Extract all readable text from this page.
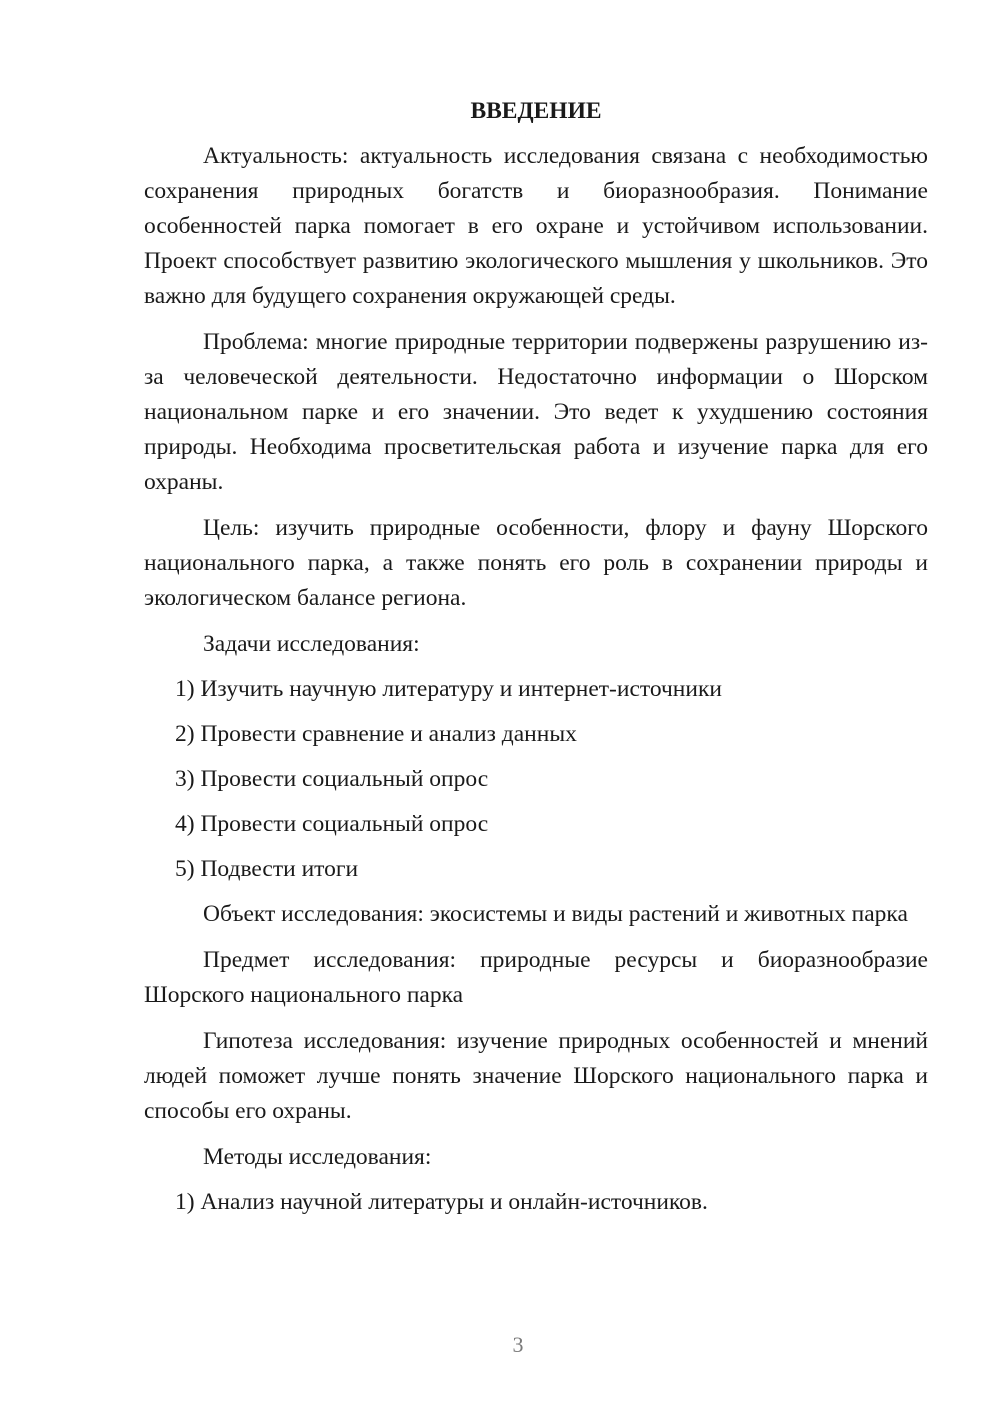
ВВЕДЕНИЕ

Актуальность: актуальность исследования связана с необходимостью сохранения природных богатств и биоразнообразия. Понимание особенностей парка помогает в его охране и устойчивом использовании. Проект способствует развитию экологического мышления у школьников. Это важно для будущего сохранения окружающей среды.

Проблема: многие природные территории подвержены разрушению из-за человеческой деятельности. Недостаточно информации о Шорском национальном парке и его значении. Это ведет к ухудшению состояния природы. Необходима просветительская работа и изучение парка для его охраны.

Цель: изучить природные особенности, флору и фауну Шорского национального парка, а также понять его роль в сохранении природы и экологическом балансе региона.

Задачи исследования:
1) Изучить научную литературу и интернет-источники
2) Провести сравнение и анализ данных
3) Провести социальный опрос
4) Провести социальный опрос
5) Подвести итоги

Объект исследования: экосистемы и виды растений и животных парка

Предмет исследования: природные ресурсы и биоразнообразие Шорского национального парка

Гипотеза исследования: изучение природных особенностей и мнений людей поможет лучше понять значение Шорского национального парка и способы его охраны.

Методы исследования:
1) Анализ научной литературы и онлайн-источников.
3
